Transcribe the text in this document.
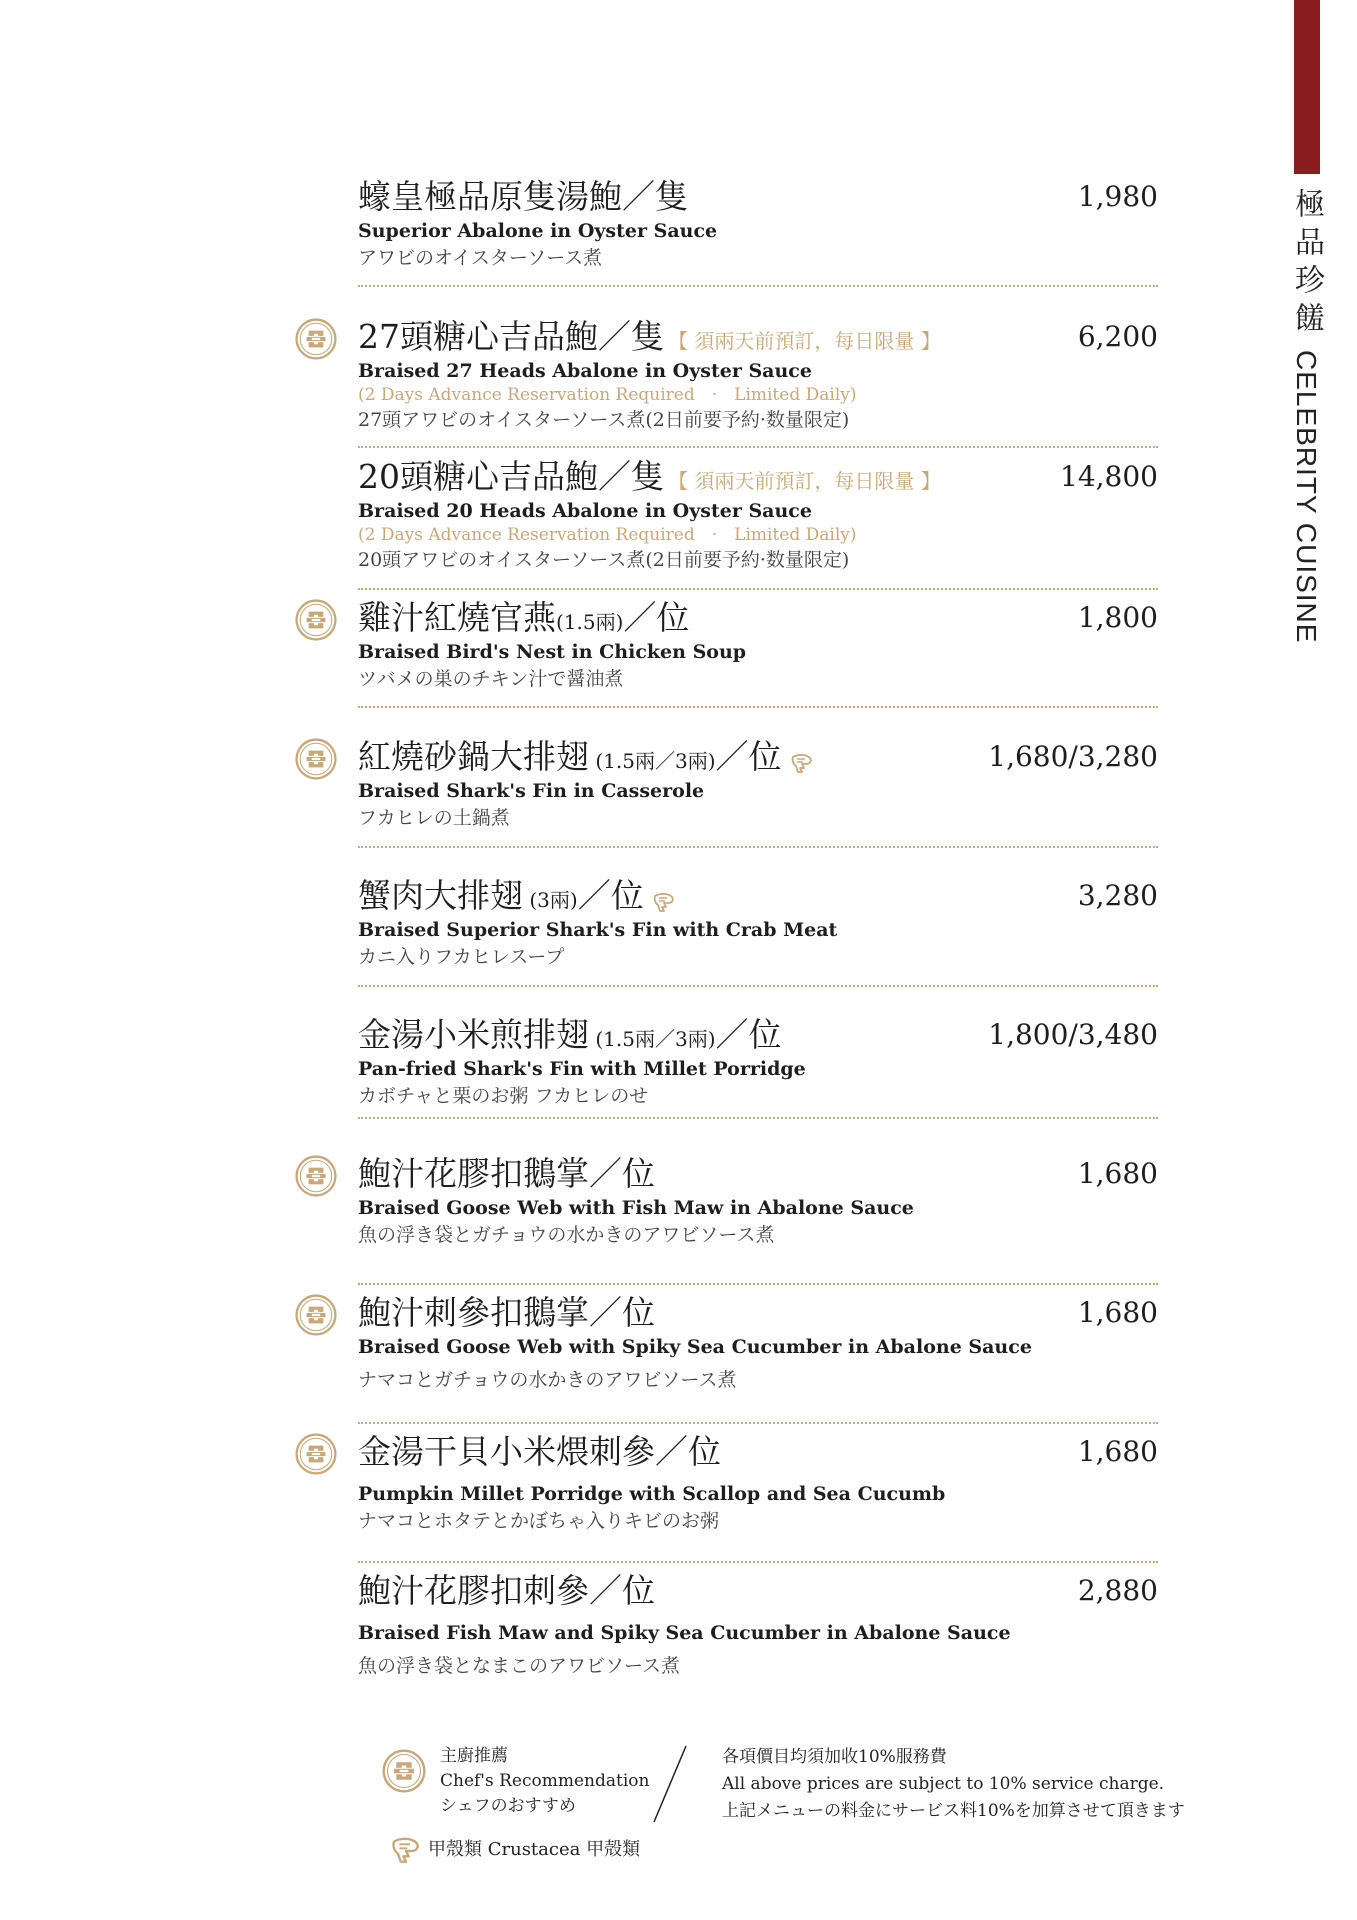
極品珍饈CELEBRITY CUISINE
蠔皇極品原隻湯鮑／隻	1,980
Superior Abalone in Oyster Sauce
アワビのオイスターソース煮
27頭糖心吉品鮑／隻 【 須兩天前預訂，每日限量 】	6,200
Braised 27 Heads Abalone in Oyster Sauce
(2 Days Advance Reservation Required　·　Limited Daily)
27頭アワビのオイスターソース煮(2日前要予約·数量限定)
20頭糖心吉品鮑／隻 【 須兩天前預訂，每日限量 】	14,800
Braised 20 Heads Abalone in Oyster Sauce
(2 Days Advance Reservation Required　·　Limited Daily)
20頭アワビのオイスターソース煮(2日前要予約·数量限定)
雞汁紅燒官燕(1.5兩)／位	1,800
Braised Bird's Nest in Chicken Soup
ツバメの巣のチキン汁で醤油煮
紅燒砂鍋大排翅 (1.5兩／3兩)／位	1,680/3,280
Braised Shark's Fin in Casserole
フカヒレの土鍋煮
蟹肉大排翅 (3兩)／位	3,280
Braised Superior Shark's Fin with Crab Meat
カニ入りフカヒレスープ
金湯小米煎排翅 (1.5兩／3兩)／位	1,800/3,480
Pan-fried Shark's Fin with Millet Porridge
カボチャと栗のお粥 フカヒレのせ
鮑汁花膠扣鵝掌／位	1,680
Braised Goose Web with Fish Maw in Abalone Sauce
魚の浮き袋とガチョウの水かきのアワビソース煮
鮑汁刺參扣鵝掌／位	1,680
Braised Goose Web with Spiky Sea Cucumber in Abalone Sauce
ナマコとガチョウの水かきのアワビソース煮
金湯干貝小米煨刺參／位	1,680
Pumpkin Millet Porridge with Scallop and Sea Cucumb
ナマコとホタテとかぼちゃ入りキビのお粥
鮑汁花膠扣刺參／位	2,880
Braised Fish Maw and Spiky Sea Cucumber in Abalone Sauce
魚の浮き袋となまこのアワビソース煮
主廚推薦
Chef's Recommendation
シェフのおすすめ
各項價目均須加收10%服務費
All above prices are subject to 10% service charge.
上記メニューの料金にサービス料10%を加算させて頂きます
甲殼類 Crustacea 甲殻類
